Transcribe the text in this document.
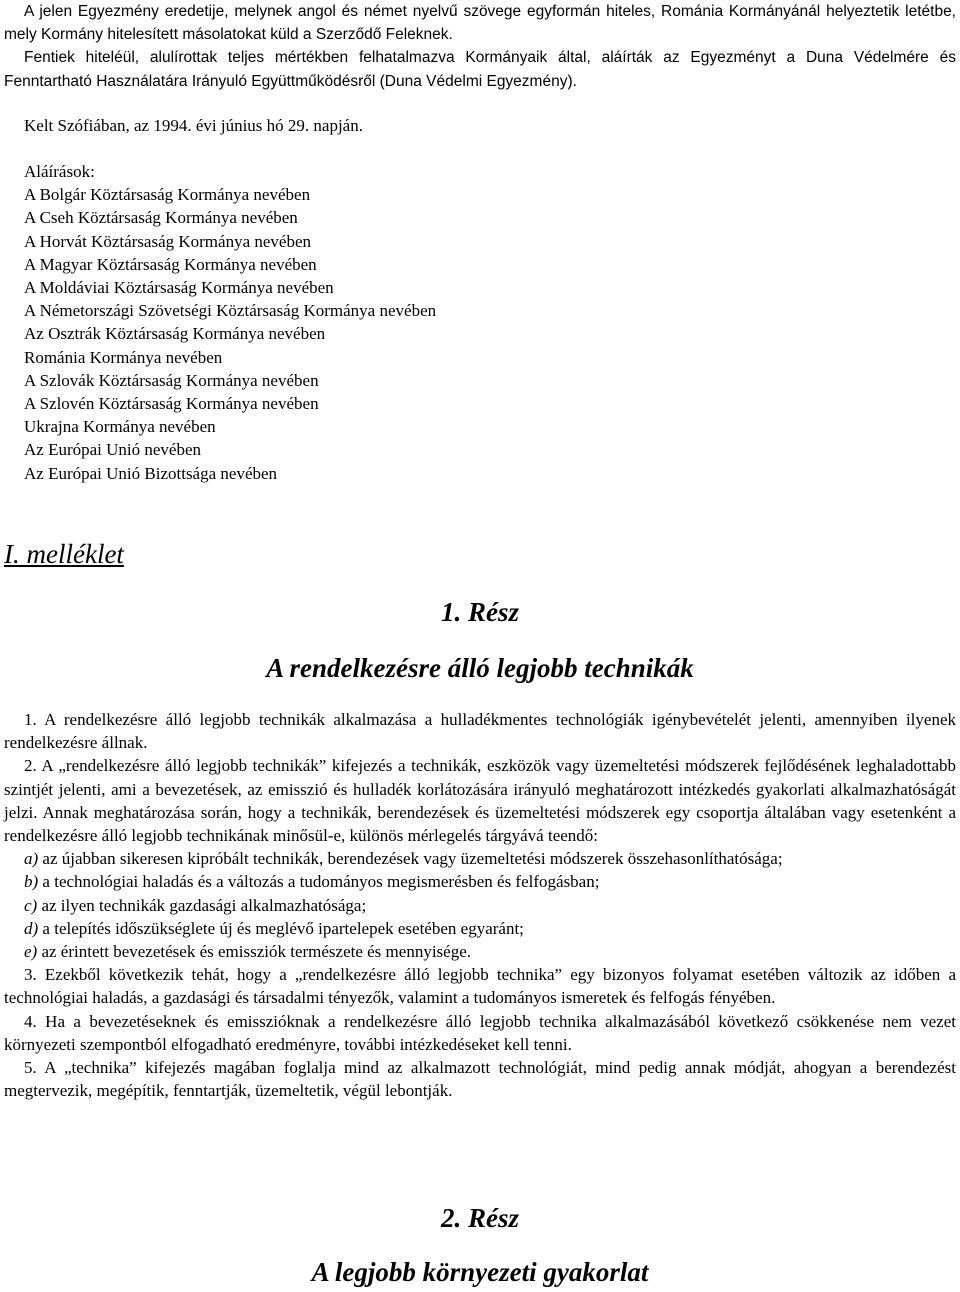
A jelen Egyezmény eredetije, melynek angol és német nyelvű szövege egyformán hiteles, Románia Kormányánál helyeztetik letétbe, mely Kormány hitelesített másolatokat küld a Szerződő Feleknek.

Fentiek hiteléül, alulírottak teljes mértékben felhatalmazva Kormányaik által, aláírták az Egyezményt a Duna Védelmére és Fenntartható Használatára Irányuló Együttműködésről (Duna Védelmi Egyezmény).

Kelt Szófiában, az 1994. évi június hó 29. napján.

Aláírások:

A Bolgár Köztársaság Kormánya nevében
A Cseh Köztársaság Kormánya nevében
A Horvát Köztársaság Kormánya nevében
A Magyar Köztársaság Kormánya nevében
A Moldáviai Köztársaság Kormánya nevében
A Németországi Szövetségi Köztársaság Kormánya nevében
Az Osztrák Köztársaság Kormánya nevében
Románia Kormánya nevében
A Szlovák Köztársaság Kormánya nevében
A Szlovén Köztársaság Kormánya nevében
Ukrajna Kormánya nevében
Az Európai Unió nevében
Az Európai Unió Bizottsága nevében

I. melléklet

1. Rész

A rendelkezésre álló legjobb technikák

1. A rendelkezésre álló legjobb technikák alkalmazása a hulladékmentes technológiák igénybevételét jelenti, amennyiben ilyenek rendelkezésre állnak.

2. A „rendelkezésre álló legjobb technikák” kifejezés a technikák, eszközök vagy üzemeltetési módszerek fejlődésének leghaladottabb szintjét jelenti, ami a bevezetések, az emisszió és hulladék korlátozására irányuló meghatározott intézkedés gyakorlati alkalmazhatóságát jelzi. Annak meghatározása során, hogy a technikák, berendezések és üzemeltetési módszerek egy csoportja általában vagy esetenként a rendelkezésre álló legjobb technikának minősül-e, különös mérlegelés tárgyává teendő:

a) az újabban sikeresen kipróbált technikák, berendezések vagy üzemeltetési módszerek összehasonlíthatósága;

b) a technológiai haladás és a változás a tudományos megismerésben és felfogásban;

c) az ilyen technikák gazdasági alkalmazhatósága;

d) a telepítés időszükséglete új és meglévő ipartelepek esetében egyaránt;

e) az érintett bevezetések és emissziók természete és mennyisége.

3. Ezekből következik tehát, hogy a „rendelkezésre álló legjobb technika” egy bizonyos folyamat esetében változik az időben a technológiai haladás, a gazdasági és társadalmi tényezők, valamint a tudományos ismeretek és felfogás fényében.

4. Ha a bevezetéseknek és emisszióknak a rendelkezésre álló legjobb technika alkalmazásából következő csökkenése nem vezet környezeti szempontból elfogadható eredményre, további intézkedéseket kell tenni.

5. A „technika” kifejezés magában foglalja mind az alkalmazott technológiát, mind pedig annak módját, ahogyan a berendezést megtervezik, megépítik, fenntartják, üzemeltetik, végül lebontják.

2. Rész

A legjobb környezeti gyakorlat
